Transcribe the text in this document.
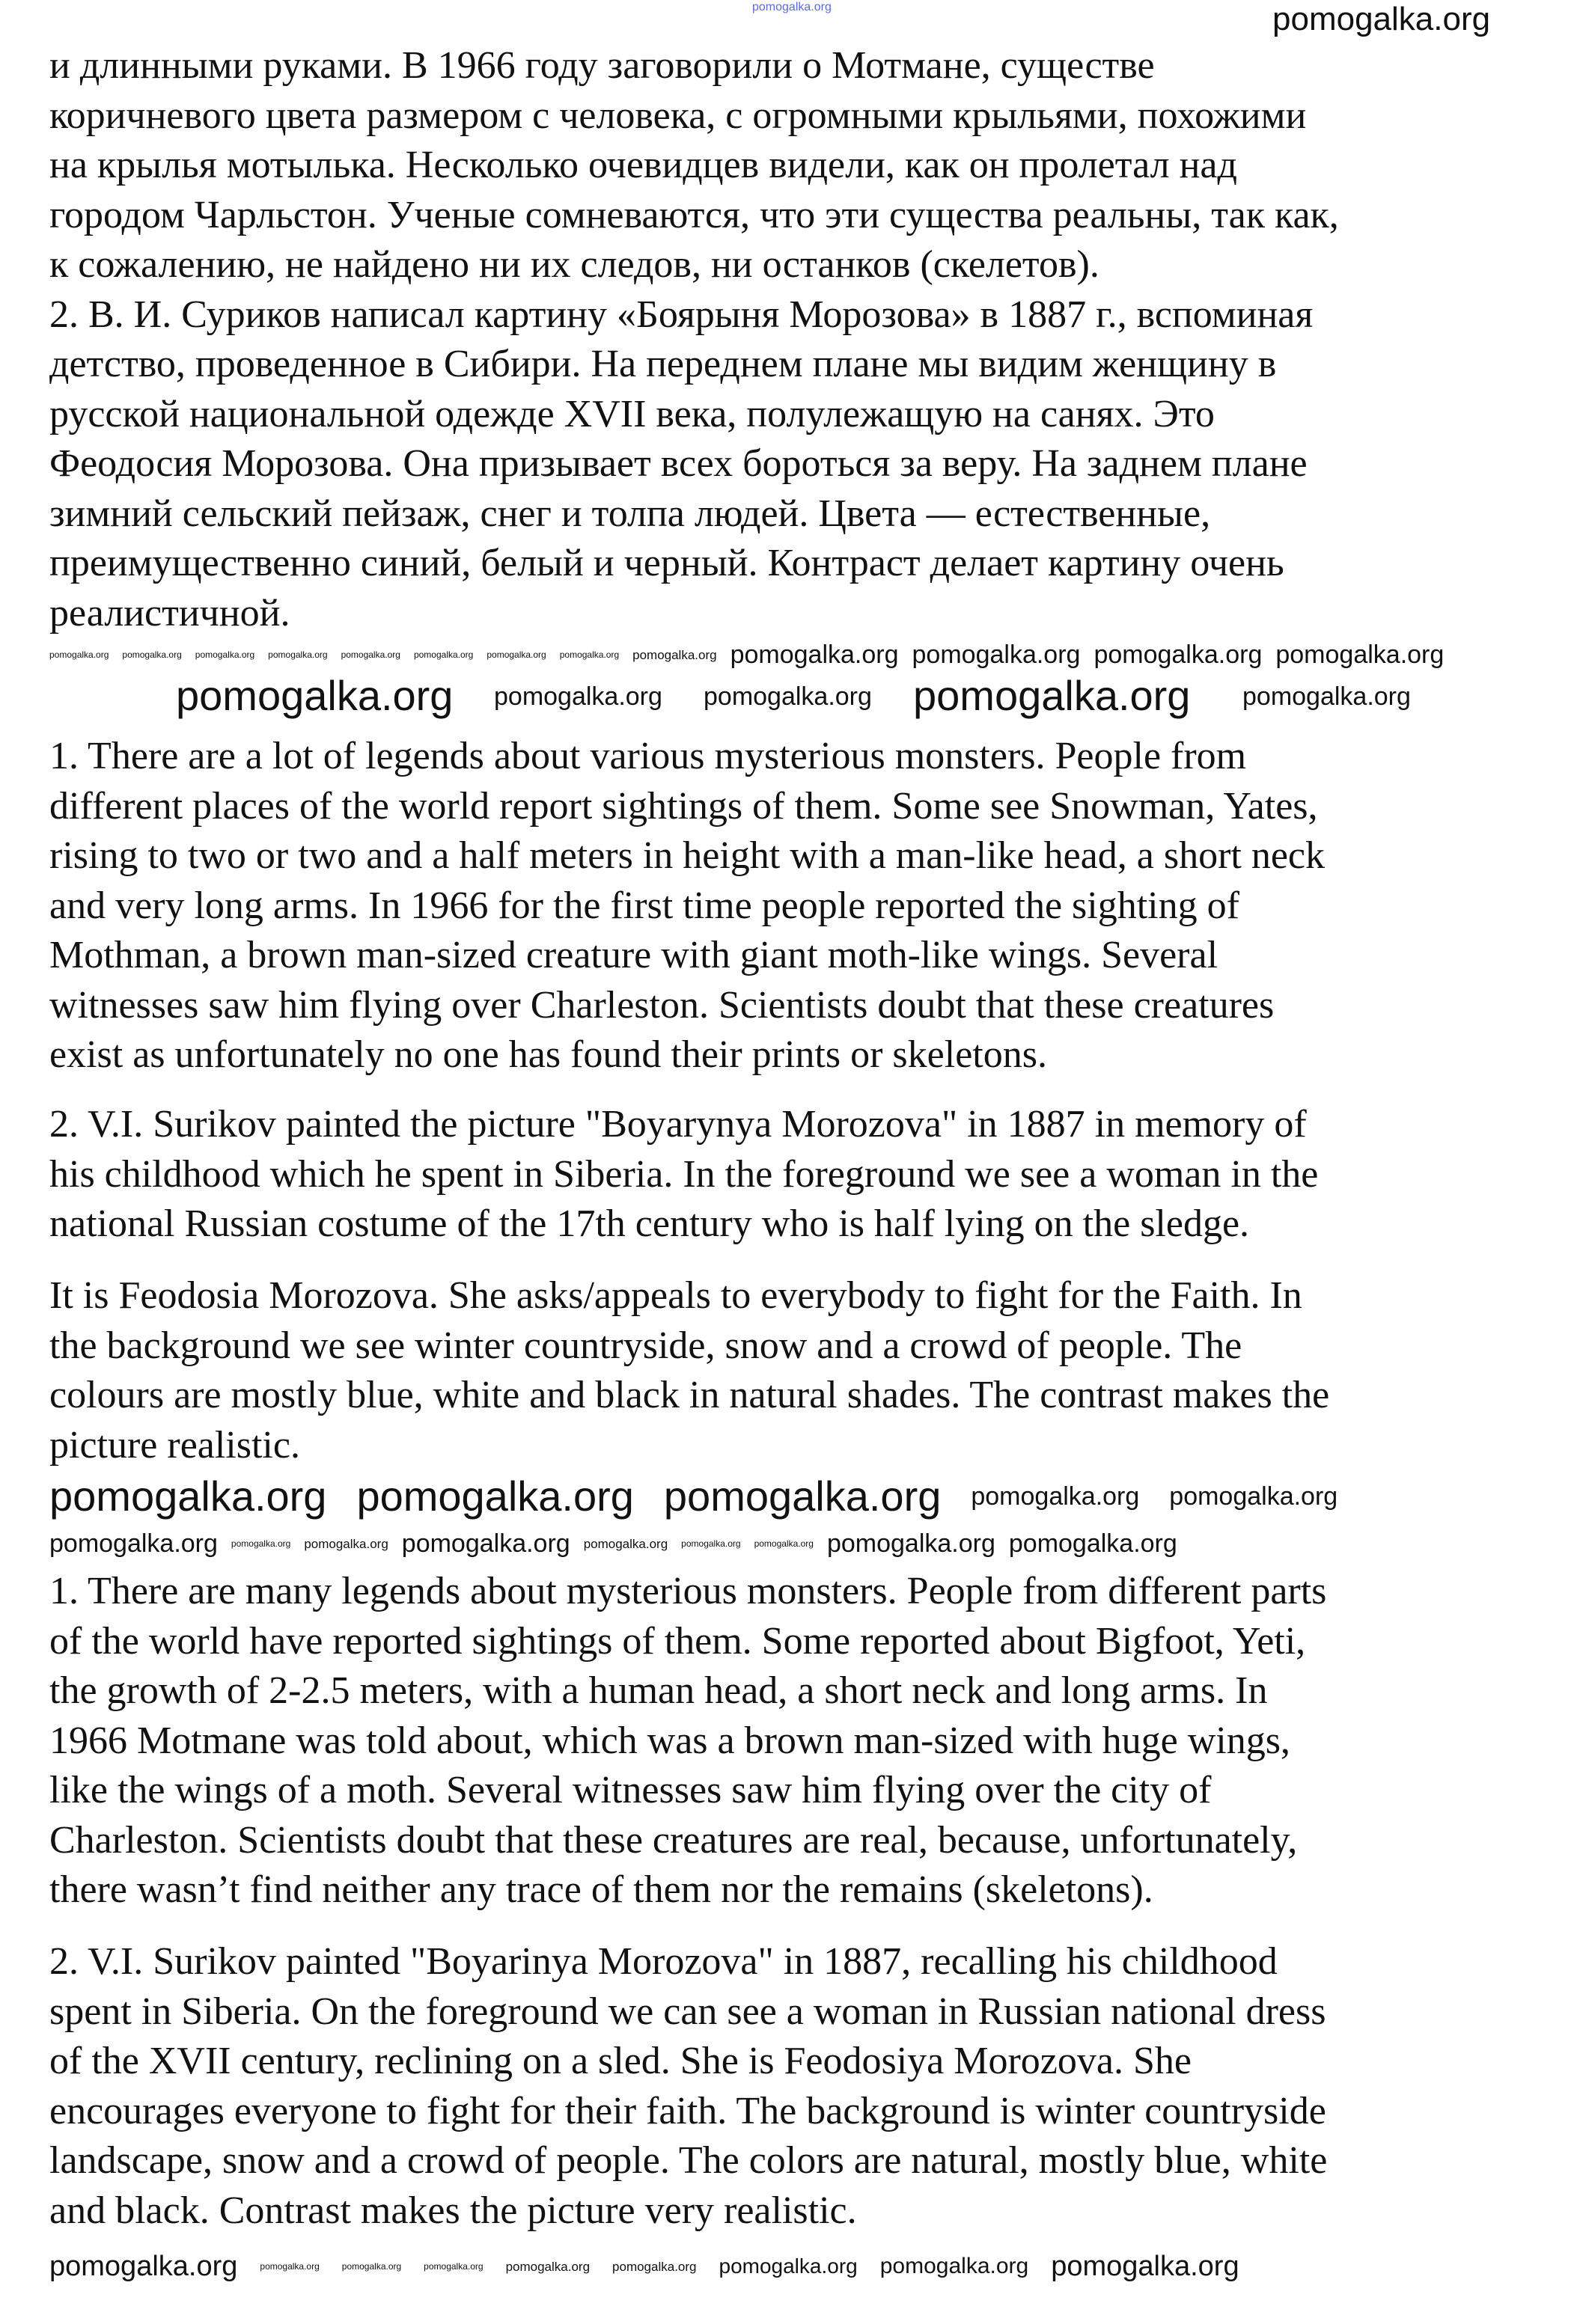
и длинными руками. В 1966 году заговорили о Мотмане, существе
коричневого цвета размером с человека, с огромными крыльями, похожими
на крылья мотылька. Несколько очевидцев видели, как он пролетал над
городом Чарльстон. Ученые сомневаются, что эти существа реальны, так как,
к сожалению, не найдено ни их следов, ни останков (скелетов).
2. В. И. Суриков написал картину «Боярыня Морозова» в 1887 г., вспоминая
детство, проведенное в Сибири. На переднем плане мы видим женщину в
русской национальной одежде XVII века, полулежащую на санях. Это
Феодосия Морозова. Она призывает всех бороться за веру. На заднем плане
зимний сельский пейзаж, снег и толпа людей. Цвета — естественные,
преимущественно синий, белый и черный. Контраст делает картину очень
реалистичной.
1. There are a lot of legends about various mysterious monsters. People from
different places of the world report sightings of them. Some see Snowman, Yates,
rising to two or two and a half meters in height with a man-like head, a short neck
and very long arms. In 1966 for the first time people reported the sighting of
Mothman, a brown man-sized creature with giant moth-like wings. Several
witnesses saw him flying over Charleston. Scientists doubt that these creatures
exist as unfortunately no one has found their prints or skeletons.
2. V.I. Surikov painted the picture "Boyarynya Morozova" in 1887 in memory of
his childhood which he spent in Siberia. In the foreground we see a woman in the
national Russian costume of the 17th century who is half lying on the sledge.
It is Feodosia Morozova. She asks/appeals to everybody to fight for the Faith. In
the background we see winter countryside, snow and a crowd of people. The
colours are mostly blue, white and black in natural shades. The contrast makes the
picture realistic.
1. There are many legends about mysterious monsters. People from different parts
of the world have reported sightings of them. Some reported about Bigfoot, Yeti,
the growth of 2-2.5 meters, with a human head, a short neck and long arms. In
1966 Motmane was told about, which was a brown man-sized with huge wings,
like the wings of a moth. Several witnesses saw him flying over the city of
Charleston. Scientists doubt that these creatures are real, because, unfortunately,
there wasn’t find neither any trace of them nor the remains (skeletons).
2. V.I. Surikov painted "Boyarinya Morozova" in 1887, recalling his childhood
spent in Siberia. On the foreground we can see a woman in Russian national dress
of the XVII century, reclining on a sled. She is Feodosiya Morozova. She
encourages everyone to fight for their faith. The background is winter countryside
landscape, snow and a crowd of people. The colors are natural, mostly blue, white
and black. Contrast makes the picture very realistic.
pomogalka.org	pomogalka.org
pomogalka.org pomogalka.org pomogalka.org pomogalka.org pomogalka.org pomogalka.org pomogalka.org pomogalka.org pomogalka.org pomogalka.org pomogalka.org pomogalka.org pomogalka.org
pomogalka.org pomogalka.org pomogalka.org pomogalka.org pomogalka.org
pomogalka.org pomogalka.org pomogalka.org pomogalka.org pomogalka.org
pomogalka.org pomogalka.org pomogalka.org pomogalka.org pomogalka.org pomogalka.org pomogalka.org pomogalka.org pomogalka.org
pomogalka.org	pomogalka.org	pomogalka.org	pomogalka.org pomogalka.org pomogalka.org pomogalka.org pomogalka.org pomogalka.org
